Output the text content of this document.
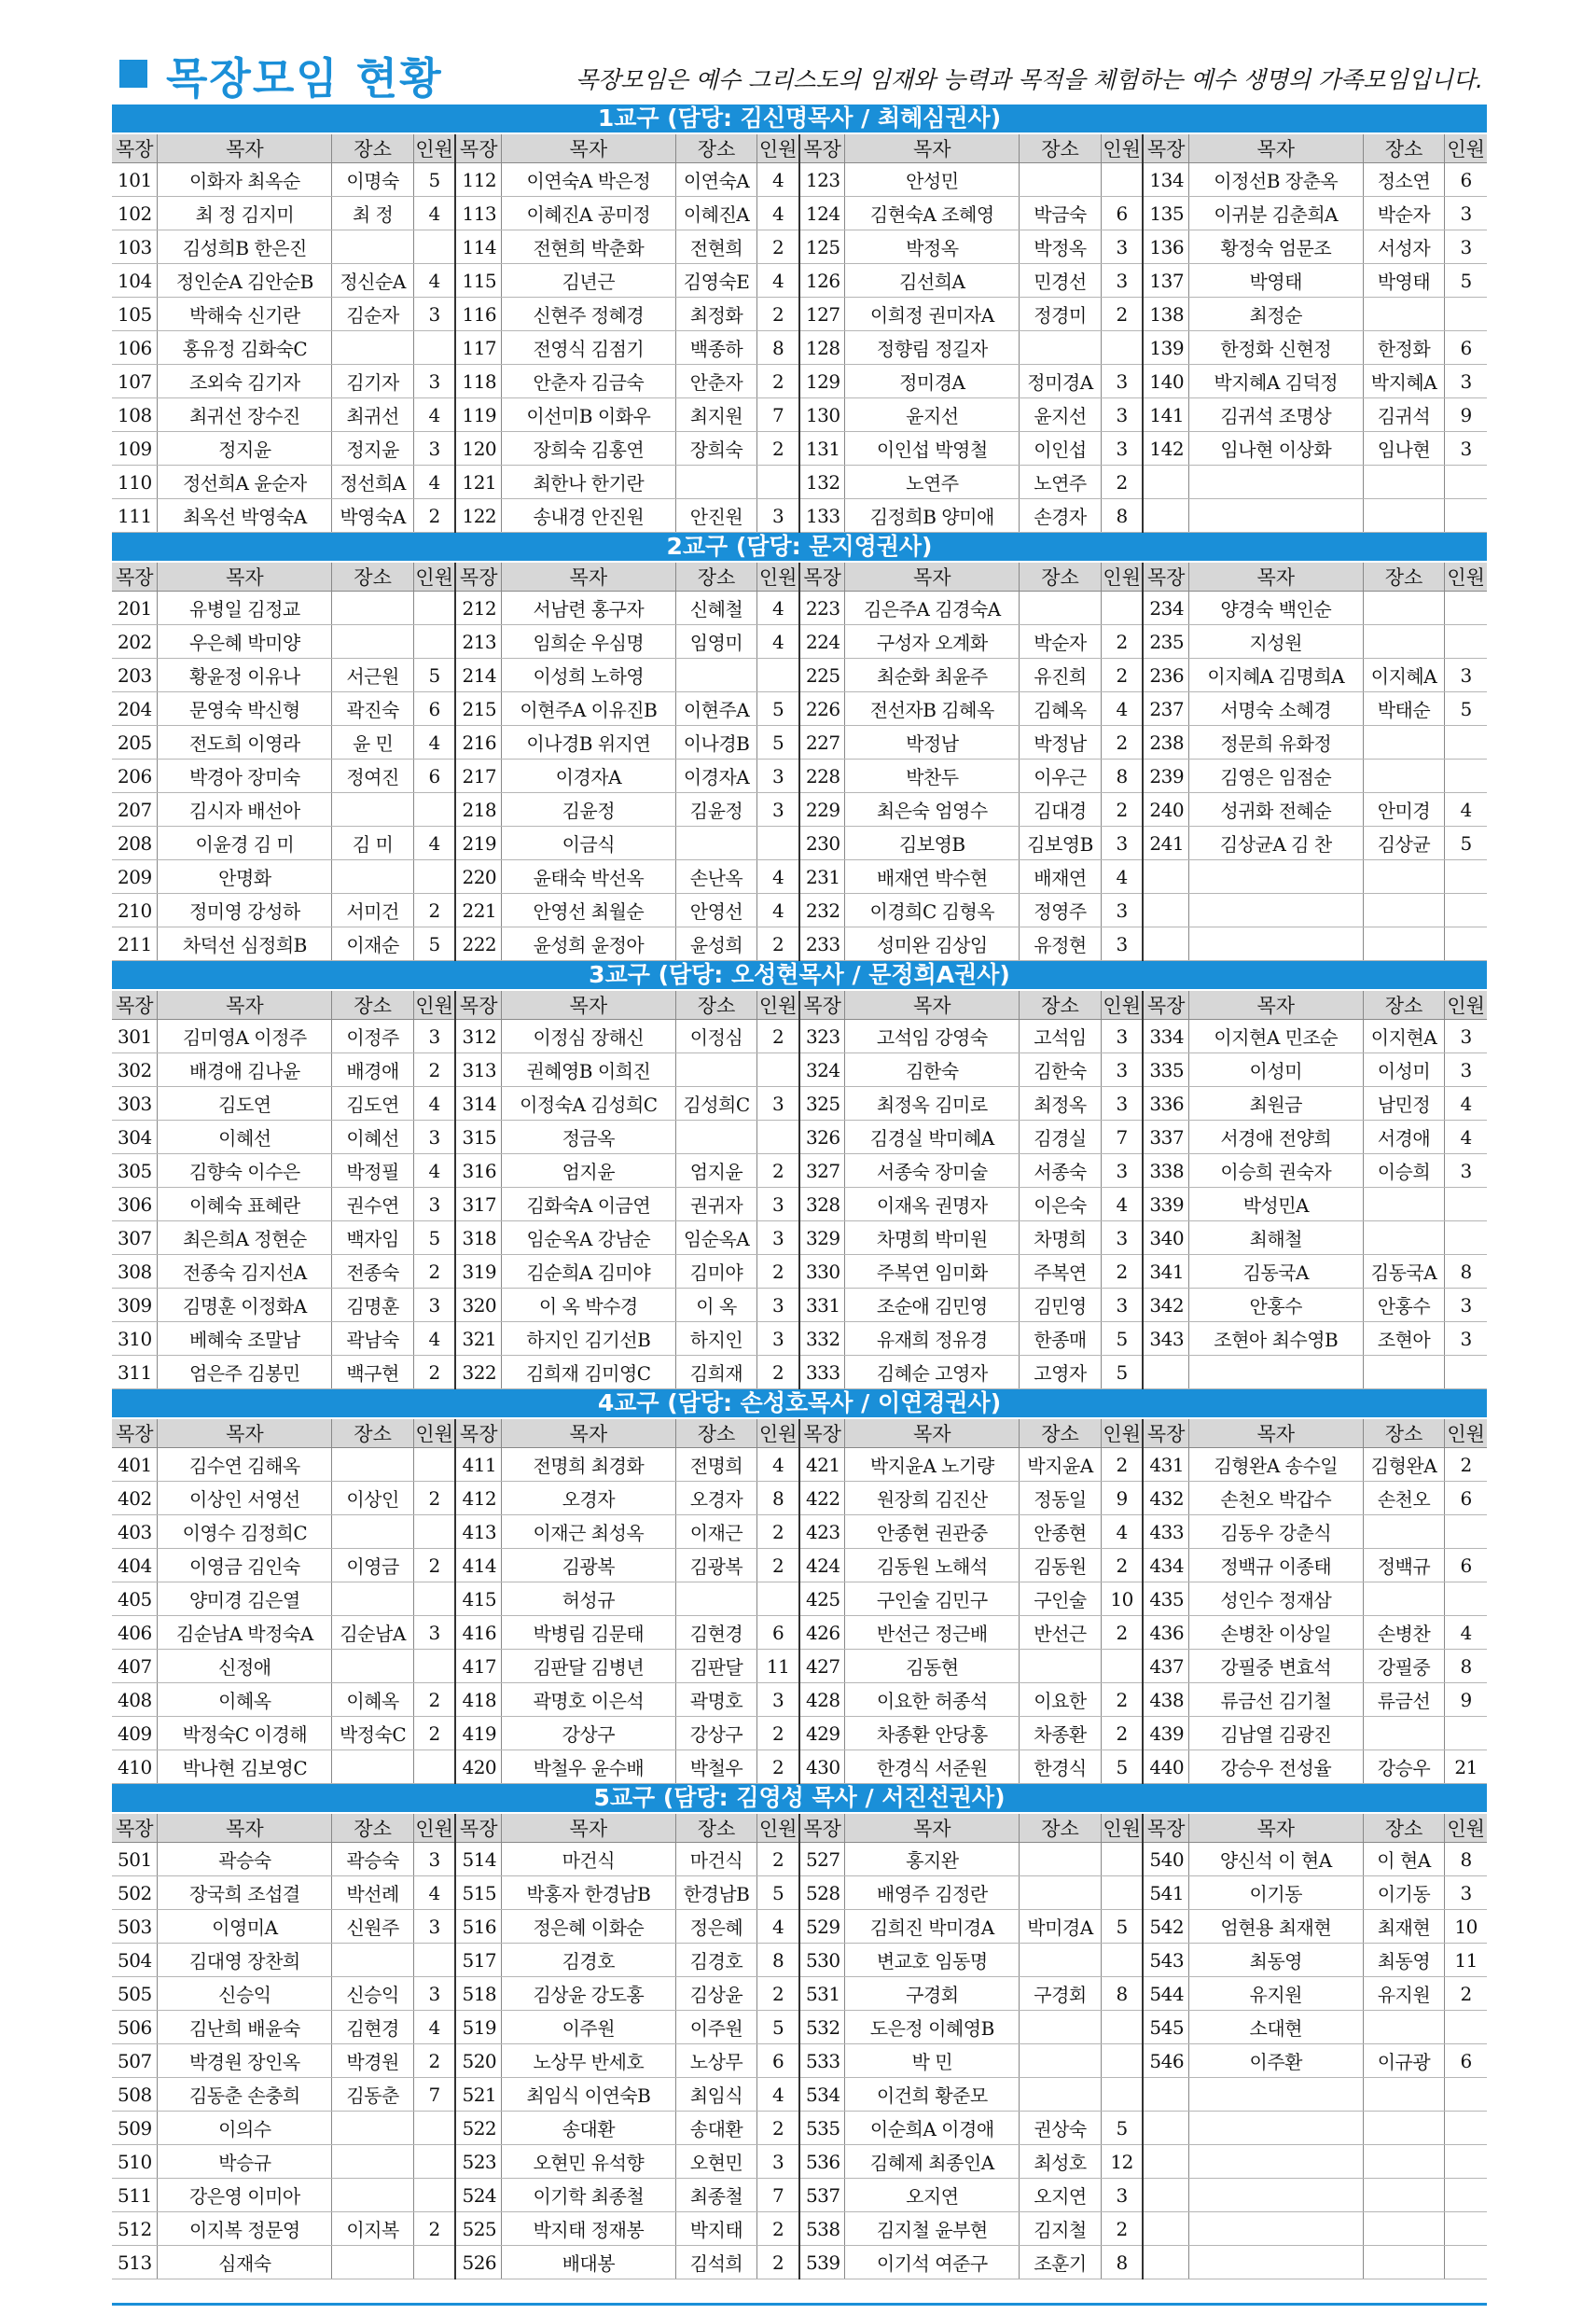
목장모임 현황	목장모임은 예수 그리스도의 임재와 능력과 목적을 체험하는 예수 생명의 가족모임입니다.
1교구 (담당: 김신명목사 / 최혜심권사)
목장	목자	장소	인원	목장	목자	장소	인원	목장	목자	장소	인원	목장	목자	장소	인원
101	이화자 최옥순	이명숙	5	112	이연숙A 박은정	이연숙A	4	123	안성민			134	이정선B 장춘옥	정소연	6
102	최 정 김지미	최 정	4	113	이혜진A 공미정	이혜진A	4	124	김현숙A 조혜영	박금숙	6	135	이귀분 김춘희A	박순자	3
103	김성희B 한은진			114	전현희 박춘화	전현희	2	125	박정옥	박정옥	3	136	황정숙 엄문조	서성자	3
104	정인순A 김안순B	정신순A	4	115	김년근	김영숙E	4	126	김선희A	민경선	3	137	박영태	박영태	5
105	박해숙 신기란	김순자	3	116	신현주 정혜경	최정화	2	127	이희정 권미자A	정경미	2	138	최정순		
106	홍유정 김화숙C			117	전영식 김점기	백종하	8	128	정향림 정길자			139	한정화 신현정	한정화	6
107	조외숙 김기자	김기자	3	118	안춘자 김금숙	안춘자	2	129	정미경A	정미경A	3	140	박지혜A 김덕정	박지혜A	3
108	최귀선 장수진	최귀선	4	119	이선미B 이화우	최지원	7	130	윤지선	윤지선	3	141	김귀석 조명상	김귀석	9
109	정지윤	정지윤	3	120	장희숙 김홍연	장희숙	2	131	이인섭 박영철	이인섭	3	142	임나현 이상화	임나현	3
110	정선희A 윤순자	정선희A	4	121	최한나 한기란			132	노연주	노연주	2				
111	최옥선 박영숙A	박영숙A	2	122	송내경 안진원	안진원	3	133	김정희B 양미애	손경자	8				
2교구 (담당: 문지영권사)
목장	목자	장소	인원	목장	목자	장소	인원	목장	목자	장소	인원	목장	목자	장소	인원
201	유병일 김정교			212	서남련 홍구자	신혜철	4	223	김은주A 김경숙A			234	양경숙 백인순		
202	우은혜 박미양			213	임희순 우심명	임영미	4	224	구성자 오계화	박순자	2	235	지성원		
203	황윤정 이유나	서근원	5	214	이성희 노하영			225	최순화 최윤주	유진희	2	236	이지혜A 김명희A	이지혜A	3
204	문영숙 박신형	곽진숙	6	215	이현주A 이유진B	이현주A	5	226	전선자B 김혜옥	김혜옥	4	237	서명숙 소혜경	박태순	5
205	전도희 이영라	윤 민	4	216	이나경B 위지연	이나경B	5	227	박정남	박정남	2	238	정문희 유화정		
206	박경아 장미숙	정여진	6	217	이경자A	이경자A	3	228	박찬두	이우근	8	239	김영은 임점순		
207	김시자 배선아			218	김윤정	김윤정	3	229	최은숙 엄영수	김대경	2	240	성귀화 전혜순	안미경	4
208	이윤경 김 미	김 미	4	219	이금식			230	김보영B	김보영B	3	241	김상균A 김 찬	김상균	5
209	안명화			220	윤태숙 박선옥	손난옥	4	231	배재연 박수현	배재연	4				
210	정미영 강성하	서미건	2	221	안영선 최월순	안영선	4	232	이경희C 김형옥	정영주	3				
211	차덕선 심정희B	이재순	5	222	윤성희 윤정아	윤성희	2	233	성미완 김상임	유정현	3				
3교구 (담당: 오성현목사 / 문정희A권사)
목장	목자	장소	인원	목장	목자	장소	인원	목장	목자	장소	인원	목장	목자	장소	인원
301	김미영A 이정주	이정주	3	312	이정심 장해신	이정심	2	323	고석임 강영숙	고석임	3	334	이지현A 민조순	이지현A	3
302	배경애 김나윤	배경애	2	313	권혜영B 이희진			324	김한숙	김한숙	3	335	이성미	이성미	3
303	김도연	김도연	4	314	이정숙A 김성희C	김성희C	3	325	최정옥 김미로	최정옥	3	336	최원금	남민정	4
304	이혜선	이혜선	3	315	정금옥			326	김경실 박미혜A	김경실	7	337	서경애 전양희	서경애	4
305	김향숙 이수은	박정필	4	316	엄지윤	엄지윤	2	327	서종숙 장미술	서종숙	3	338	이승희 권숙자	이승희	3
306	이혜숙 표혜란	권수연	3	317	김화숙A 이금연	권귀자	3	328	이재옥 권명자	이은숙	4	339	박성민A		
307	최은희A 정현순	백자임	5	318	임순옥A 강남순	임순옥A	3	329	차명희 박미원	차명희	3	340	최해철		
308	전종숙 김지선A	전종숙	2	319	김순희A 김미야	김미야	2	330	주복연 임미화	주복연	2	341	김동국A	김동국A	8
309	김명훈 이정화A	김명훈	3	320	이 옥 박수경	이 옥	3	331	조순애 김민영	김민영	3	342	안홍수	안홍수	3
310	베혜숙 조말남	곽남숙	4	321	하지인 김기선B	하지인	3	332	유재희 정유경	한종매	5	343	조현아 최수영B	조현아	3
311	엄은주 김봉민	백구현	2	322	김희재 김미영C	김희재	2	333	김혜순 고영자	고영자	5				
4교구 (담당: 손성호목사 / 이연경권사)
목장	목자	장소	인원	목장	목자	장소	인원	목장	목자	장소	인원	목장	목자	장소	인원
401	김수연 김해옥			411	전명희 최경화	전명희	4	421	박지윤A 노기량	박지윤A	2	431	김형완A 송수일	김형완A	2
402	이상인 서영선	이상인	2	412	오경자	오경자	8	422	원장희 김진산	정동일	9	432	손천오 박갑수	손천오	6
403	이영수 김정희C			413	이재근 최성옥	이재근	2	423	안종현 권관중	안종현	4	433	김동우 강춘식		
404	이영금 김인숙	이영금	2	414	김광복	김광복	2	424	김동원 노해석	김동원	2	434	정백규 이종태	정백규	6
405	양미경 김은열			415	허성규			425	구인술 김민구	구인술	10	435	성인수 정재삼		
406	김순남A 박정숙A	김순남A	3	416	박병림 김문태	김현경	6	426	반선근 정근배	반선근	2	436	손병찬 이상일	손병찬	4
407	신정애			417	김판달 김병년	김판달	11	427	김동현			437	강필중 변효석	강필중	8
408	이혜옥	이혜옥	2	418	곽명호 이은석	곽명호	3	428	이요한 허종석	이요한	2	438	류금선 김기철	류금선	9
409	박정숙C 이경해	박정숙C	2	419	강상구	강상구	2	429	차종환 안당홍	차종환	2	439	김남열 김광진		
410	박나현 김보영C			420	박철우 윤수배	박철우	2	430	한경식 서준원	한경식	5	440	강승우 전성율	강승우	21
5교구 (담당: 김영성 목사 / 서진선권사)
목장	목자	장소	인원	목장	목자	장소	인원	목장	목자	장소	인원	목장	목자	장소	인원
501	곽승숙	곽승숙	3	514	마건식	마건식	2	527	홍지완			540	양신석 이 현A	이 현A	8
502	장국희 조섭결	박선례	4	515	박홍자 한경남B	한경남B	5	528	배영주 김정란			541	이기동	이기동	3
503	이영미A	신원주	3	516	정은혜 이화순	정은혜	4	529	김희진 박미경A	박미경A	5	542	엄현용 최재현	최재현	10
504	김대영 장찬희			517	김경호	김경호	8	530	변교호 임동명			543	최동영	최동영	11
505	신승익	신승익	3	518	김상윤 강도홍	김상윤	2	531	구경회	구경회	8	544	유지원	유지원	2
506	김난희 배윤숙	김현경	4	519	이주원	이주원	5	532	도은정 이혜영B			545	소대현		
507	박경원 장인옥	박경원	2	520	노상무 반세호	노상무	6	533	박 민			546	이주환	이규광	6
508	김동춘 손충희	김동춘	7	521	최임식 이연숙B	최임식	4	534	이건희 황준모						
509	이의수			522	송대환	송대환	2	535	이순희A 이경애	권상숙	5				
510	박승규			523	오현민 유석향	오현민	3	536	김혜제 최종인A	최성호	12				
511	강은영 이미아			524	이기학 최종철	최종철	7	537	오지연	오지연	3				
512	이지복 정문영	이지복	2	525	박지태 정재봉	박지태	2	538	김지철 윤부현	김지철	2				
513	심재숙			526	배대봉	김석희	2	539	이기석 여준구	조훈기	8				
